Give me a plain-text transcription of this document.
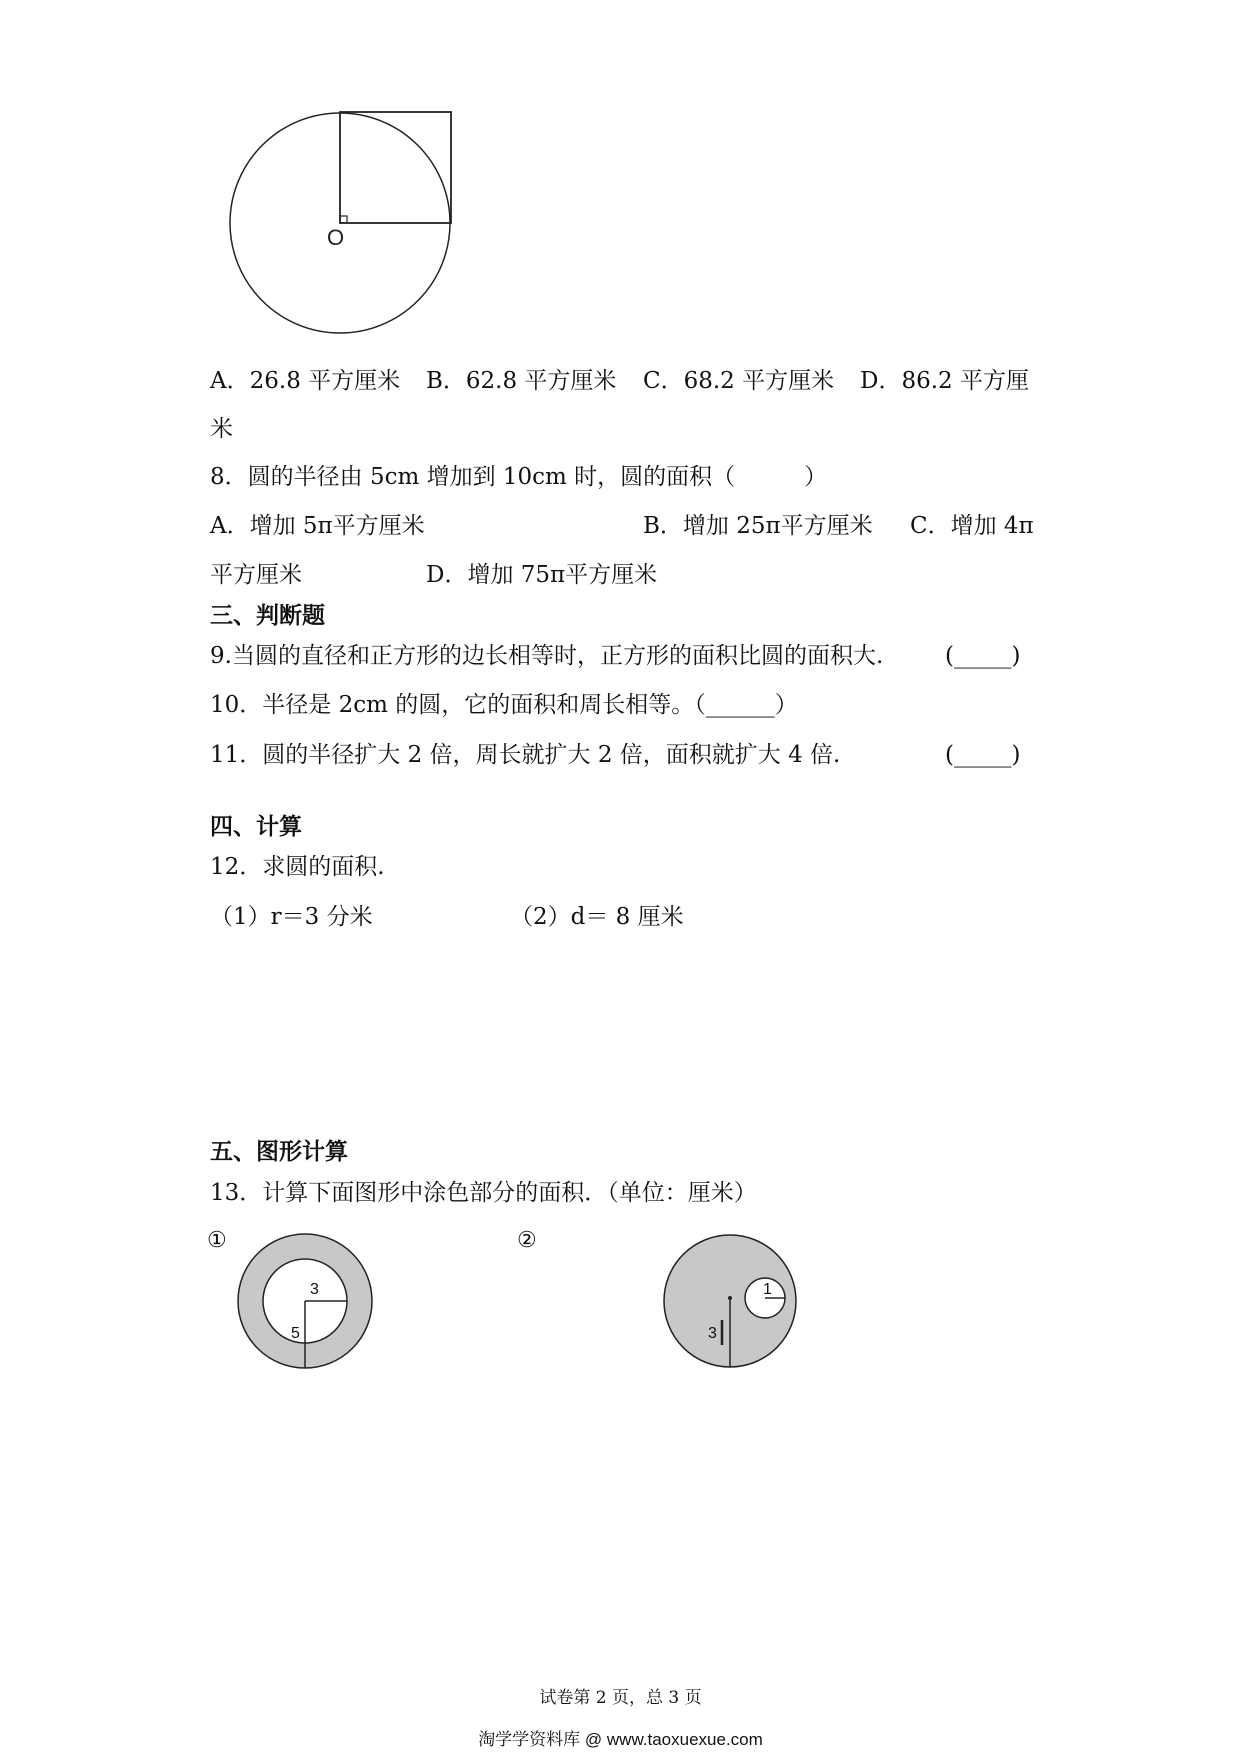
O
A．26.8 平方厘米 B．62.8 平方厘米 C．68.2 平方厘米 D．86.2 平方厘
米
8．圆的半径由 5cm 增加到 10cm 时，圆的面积（　　　）
A．增加 5π平方厘米	B．增加 25π平方厘米 C．增加 4π
平方厘米	D．增加 75π平方厘米
三、判断题
9.当圆的直径和正方形的边长相等时，正方形的面积比圆的面积大.	(_____)
10．半径是 2cm 的圆，它的面积和周长相等。（______）
11．圆的半径扩大 2 倍，周长就扩大 2 倍，面积就扩大 4 倍.	(_____)
四、计算
12．求圆的面积.
（1）r＝3 分米	（2）d＝ 8 厘米
五、图形计算
13．计算下面图形中涂色部分的面积．（单位：厘米）
①
3
5
②
1
3
试卷第 2 页，总 3 页
淘学学资料库 @ www.taoxuexue.com
